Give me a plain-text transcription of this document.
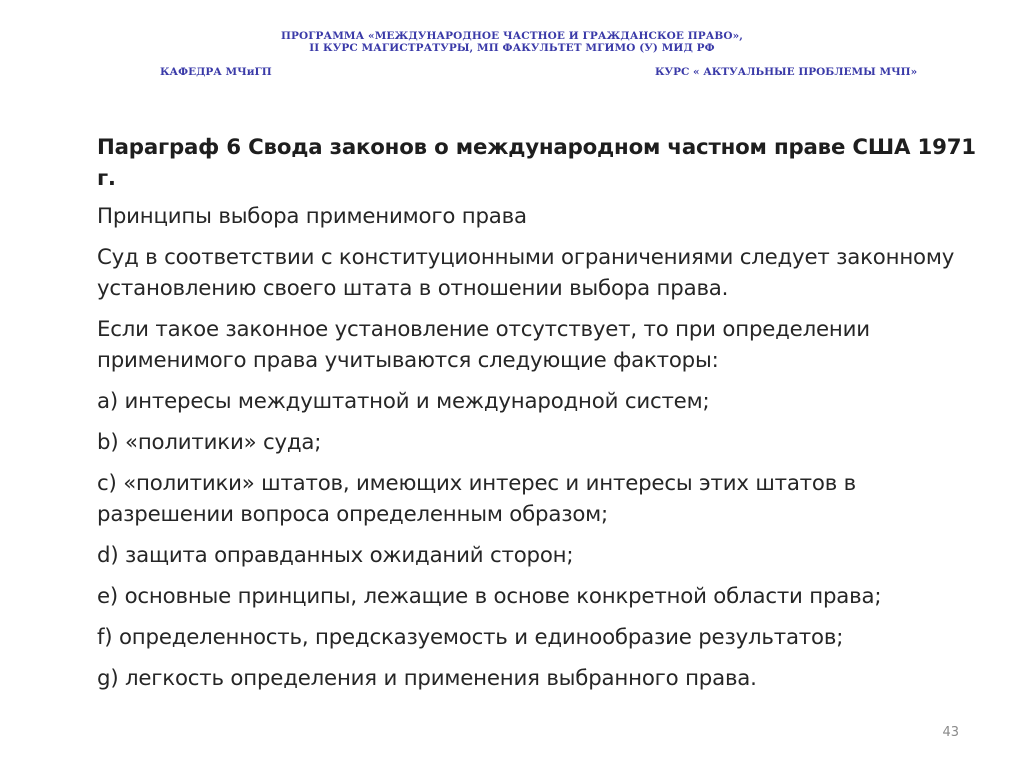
ПРОГРАММА «МЕЖДУНАРОДНОЕ ЧАСТНОЕ И ГРАЖДАНСКОЕ ПРАВО»,
II КУРС МАГИСТРАТУРЫ, МП ФАКУЛЬТЕТ МГИМО (У) МИД РФ
КАФЕДРА МЧиГП	КУРС « АКТУАЛЬНЫЕ ПРОБЛЕМЫ МЧП»

Параграф 6 Свода законов о международном частном праве США 1971 г.

Принципы выбора применимого права

Суд в соответствии с конституционными ограничениями следует законному установлению своего штата в отношении выбора права.

Если такое законное установление отсутствует, то при определении применимого права учитываются следующие факторы:

a) интересы междуштатной и международной систем;

b) «политики» суда;

c) «политики» штатов, имеющих интерес и интересы этих штатов в разрешении вопроса определенным образом;

d) защита оправданных ожиданий сторон;

e) основные принципы, лежащие в основе конкретной области права;

f) определенность, предсказуемость и единообразие результатов;

g) легкость определения и применения выбранного права.

43
